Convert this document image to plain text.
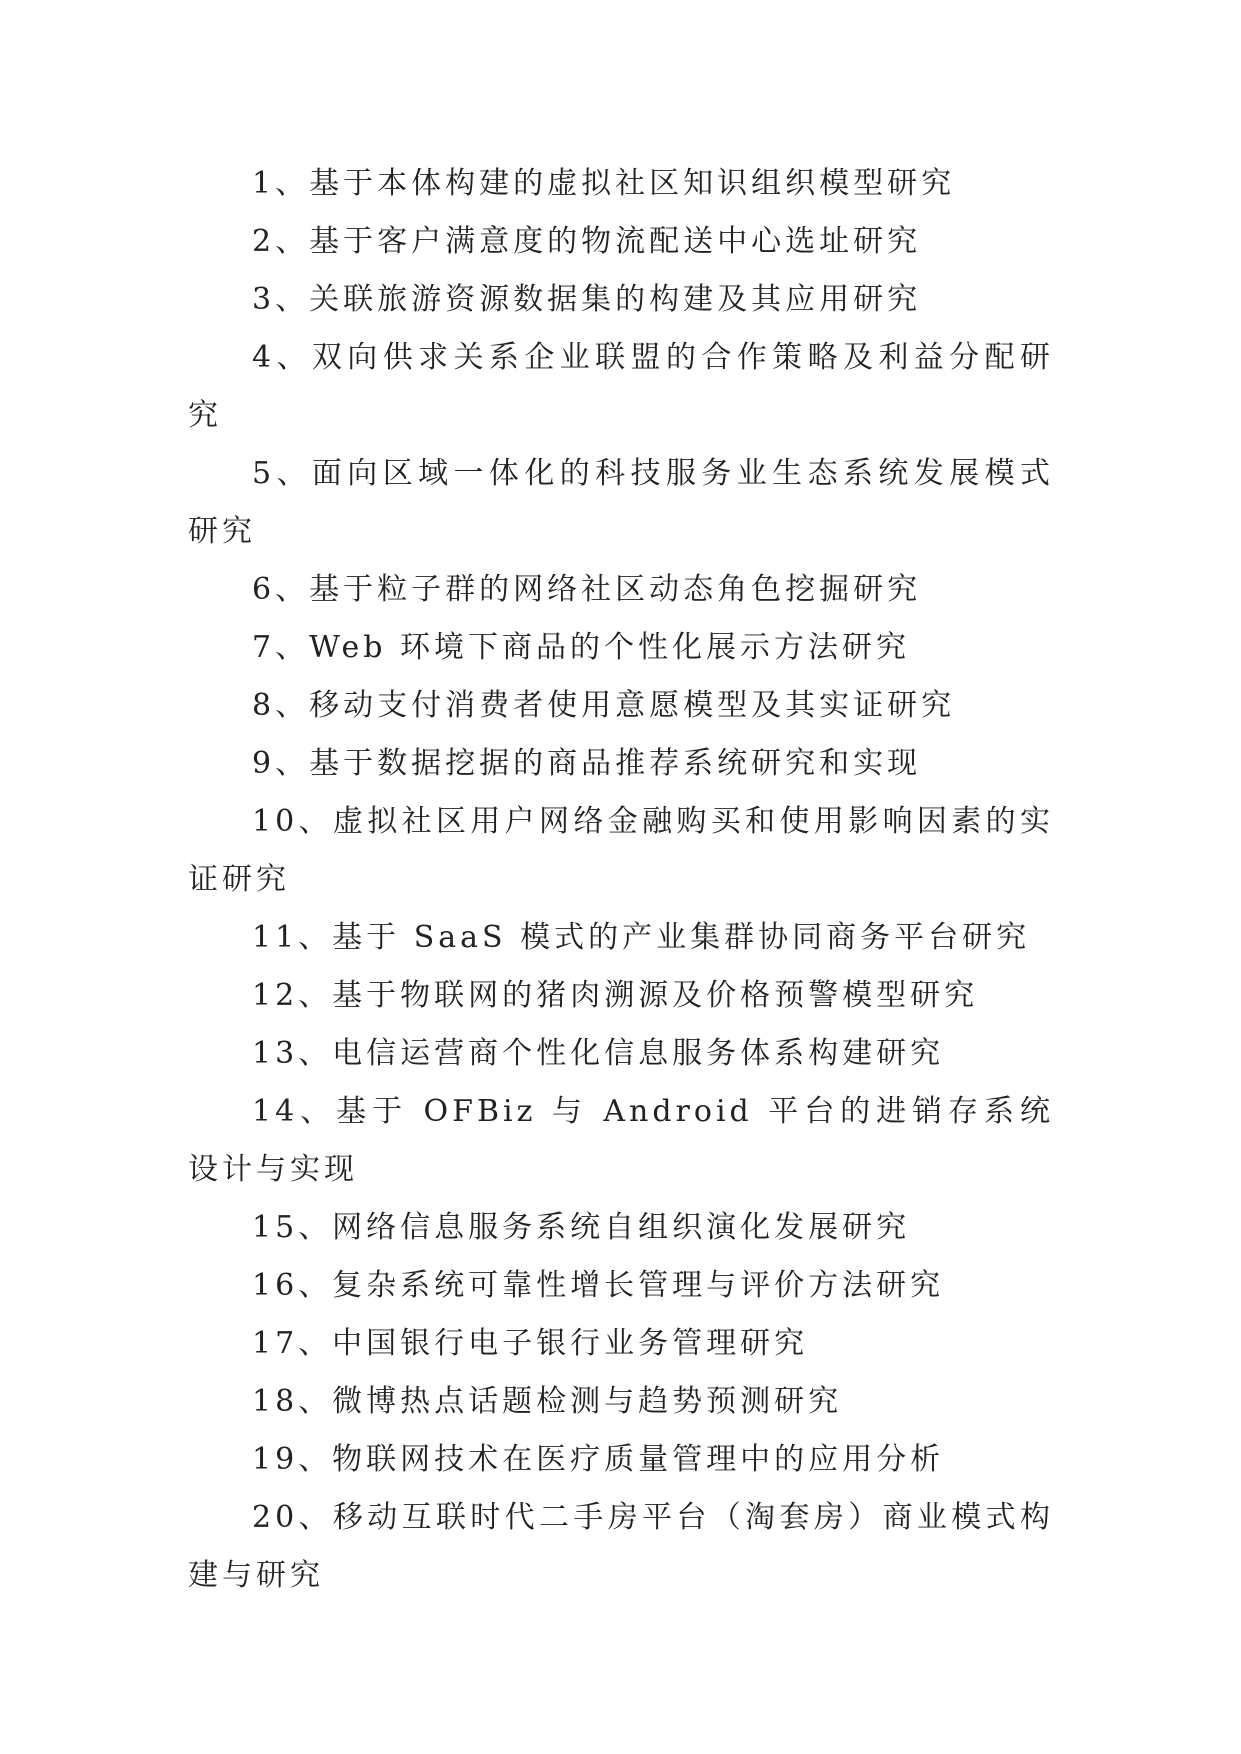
1、基于本体构建的虚拟社区知识组织模型研究

2、基于客户满意度的物流配送中心选址研究

3、关联旅游资源数据集的构建及其应用研究

4、双向供求关系企业联盟的合作策略及利益分配研究

5、面向区域一体化的科技服务业生态系统发展模式研究

6、基于粒子群的网络社区动态角色挖掘研究

7、Web 环境下商品的个性化展示方法研究

8、移动支付消费者使用意愿模型及其实证研究

9、基于数据挖据的商品推荐系统研究和实现

10、虚拟社区用户网络金融购买和使用影响因素的实证研究

11、基于 SaaS 模式的产业集群协同商务平台研究

12、基于物联网的猪肉溯源及价格预警模型研究

13、电信运营商个性化信息服务体系构建研究

14、基于 OFBiz 与 Android 平台的进销存系统设计与实现

15、网络信息服务系统自组织演化发展研究

16、复杂系统可靠性增长管理与评价方法研究

17、中国银行电子银行业务管理研究

18、微博热点话题检测与趋势预测研究

19、物联网技术在医疗质量管理中的应用分析

20、移动互联时代二手房平台（淘套房）商业模式构建与研究
